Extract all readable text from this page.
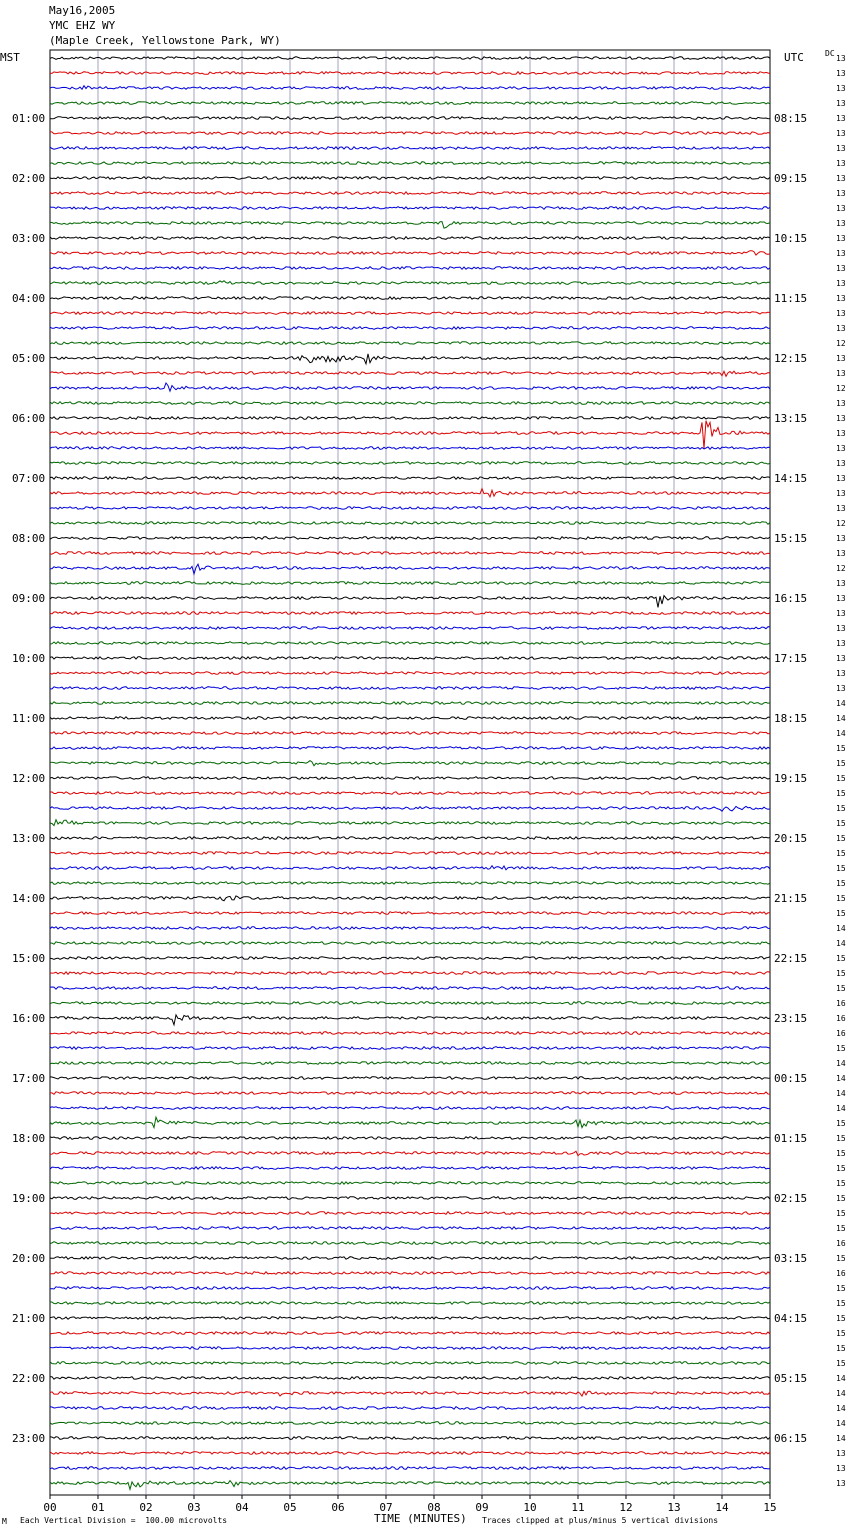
May16,2005
YMC EHZ WY
(Maple Creek, Yellowstone Park, WY)
00	01	02	03	04	05	06	07	08	09	10	11	12	13	14	15
MST	UTC	DC
13
13
13
13
13
13
13
13
13
13
13
13
13
13
13
13
13
13
13
12
13
13
12
13
13
13
13
13
13
13
13
12
13
13
12
13
13
13
13
13
13
13
13
14
14
14
15
15
15
15
15
15
15
15
15
15
15
15
14
14
15
15
15
16
16
16
15
14
14
14
14
15
15
15
15
15
15
15
15
16
15
16
15
15
15
15
15
15
14
14
14
14
14
13
13
13
01:00	08:15
02:00	09:15
03:00	10:15
04:00	11:15
05:00	12:15
06:00	13:15
07:00	14:15
08:00	15:15
09:00	16:15
10:00	17:15
11:00	18:15
12:00	19:15
13:00	20:15
14:00	21:15
15:00	22:15
16:00	23:15
17:00	00:15
18:00	01:15
19:00	02:15
20:00	03:15
21:00	04:15
22:00	05:15
23:00	06:15
M Each Vertical Division =  100.00 microvolts	TIME (MINUTES) Traces clipped at plus/minus 5 vertical divisions
